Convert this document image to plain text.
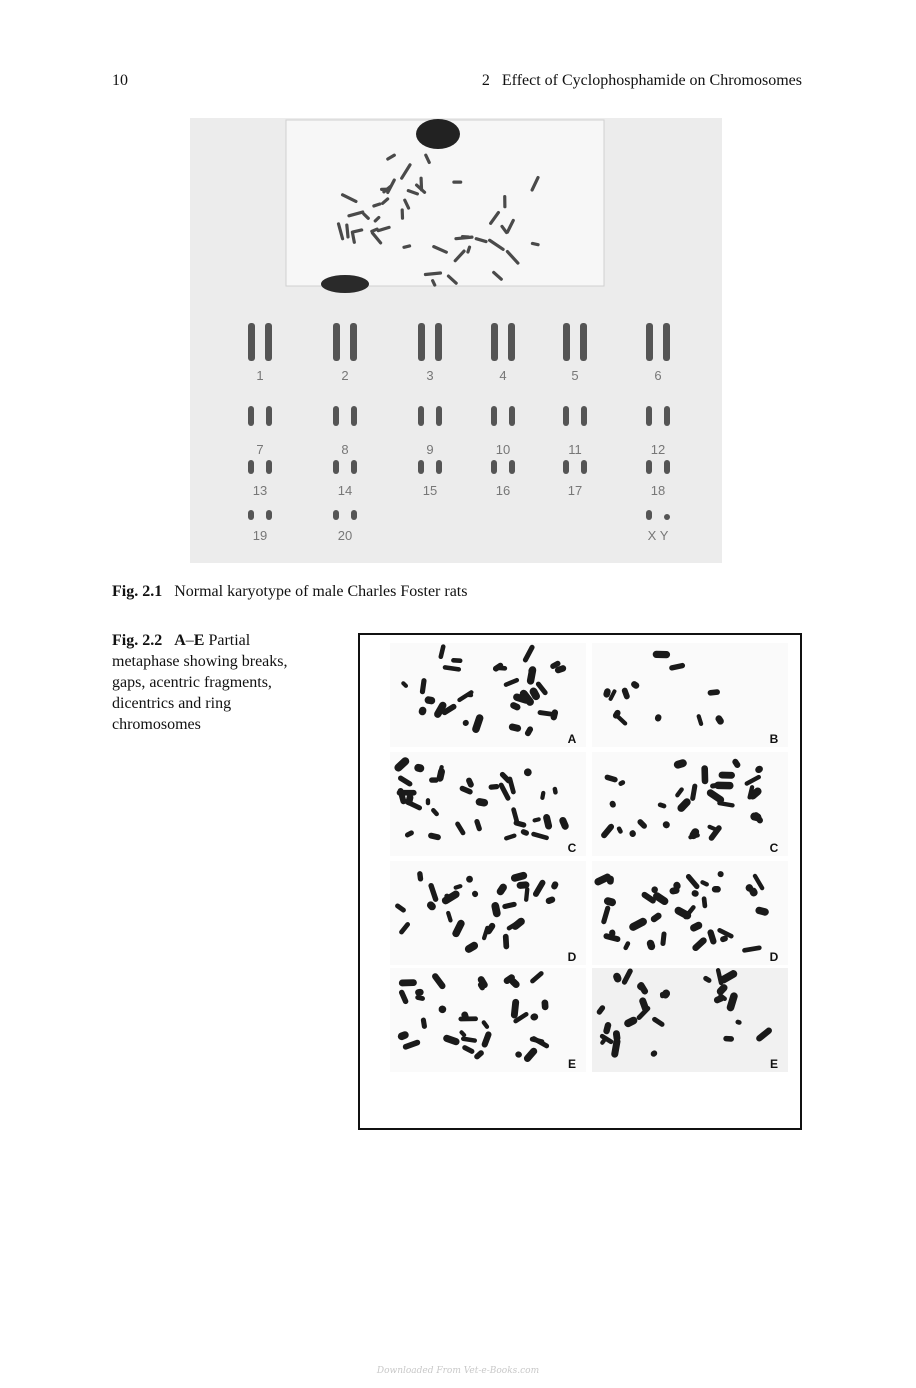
10	2 Effect of Cyclophosphamide on Chromosomes
1	2	3	4	5	6
7	8	9	10	11	12
13	14	15	16	17	18
19	20	X Y
Fig. 2.1 Normal karyotype of male Charles Foster rats
Fig. 2.2 A–E Partial metaphase showing breaks, gaps, acentric fragments, dicentrics and ring chromosomes
A	B
C	C
D	D
E	E
Downloaded From Vet-e-Books.com
